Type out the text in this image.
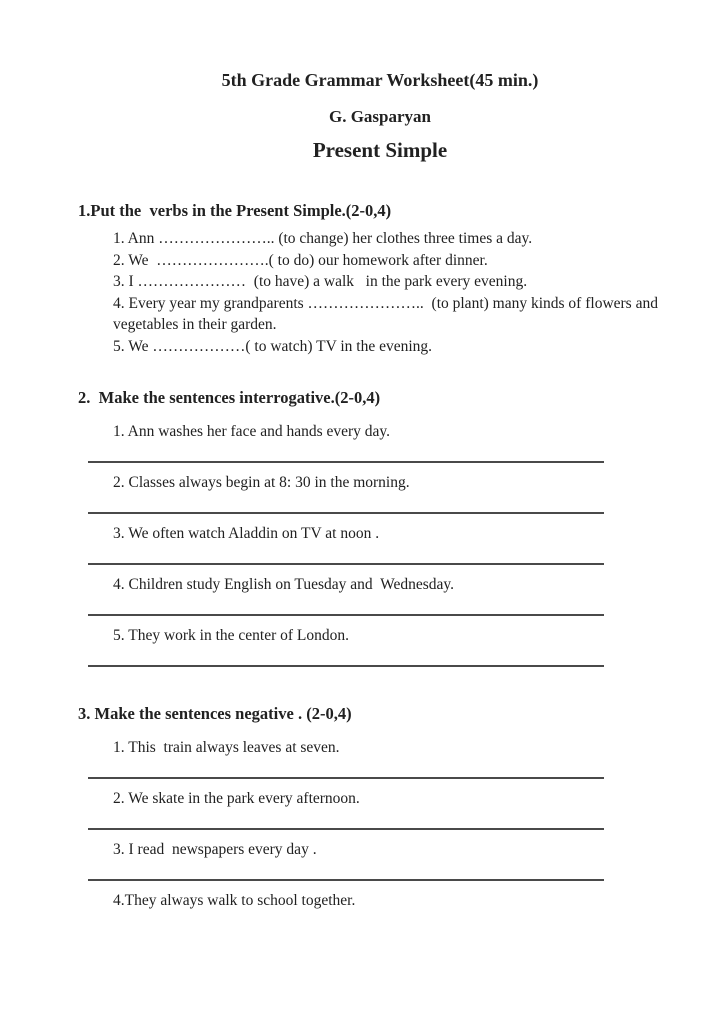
5th Grade Grammar Worksheet(45 min.)
G. Gasparyan
Present Simple
1.Put the  verbs in the Present Simple.(2-0,4)

1. Ann ………………….. (to change) her clothes three times a day.

2. We  ………………….( to do) our homework after dinner.

3. I …………………  (to have) a walk   in the park every evening.

4. Every year my grandparents …………………..  (to plant) many kinds of flowers and vegetables in their garden.

5. We ………………( to watch) TV in the evening.

2.  Make the sentences interrogative.(2-0,4)

1. Ann washes her face and hands every day.

2. Classes always begin at 8: 30 in the morning.

3. We often watch Aladdin on TV at noon .

4. Children study English on Tuesday and  Wednesday.

5. They work in the center of London.

3. Make the sentences negative . (2-0,4)

1. This  train always leaves at seven.

2. We skate in the park every afternoon.

3. I read  newspapers every day .

4.They always walk to school together.
